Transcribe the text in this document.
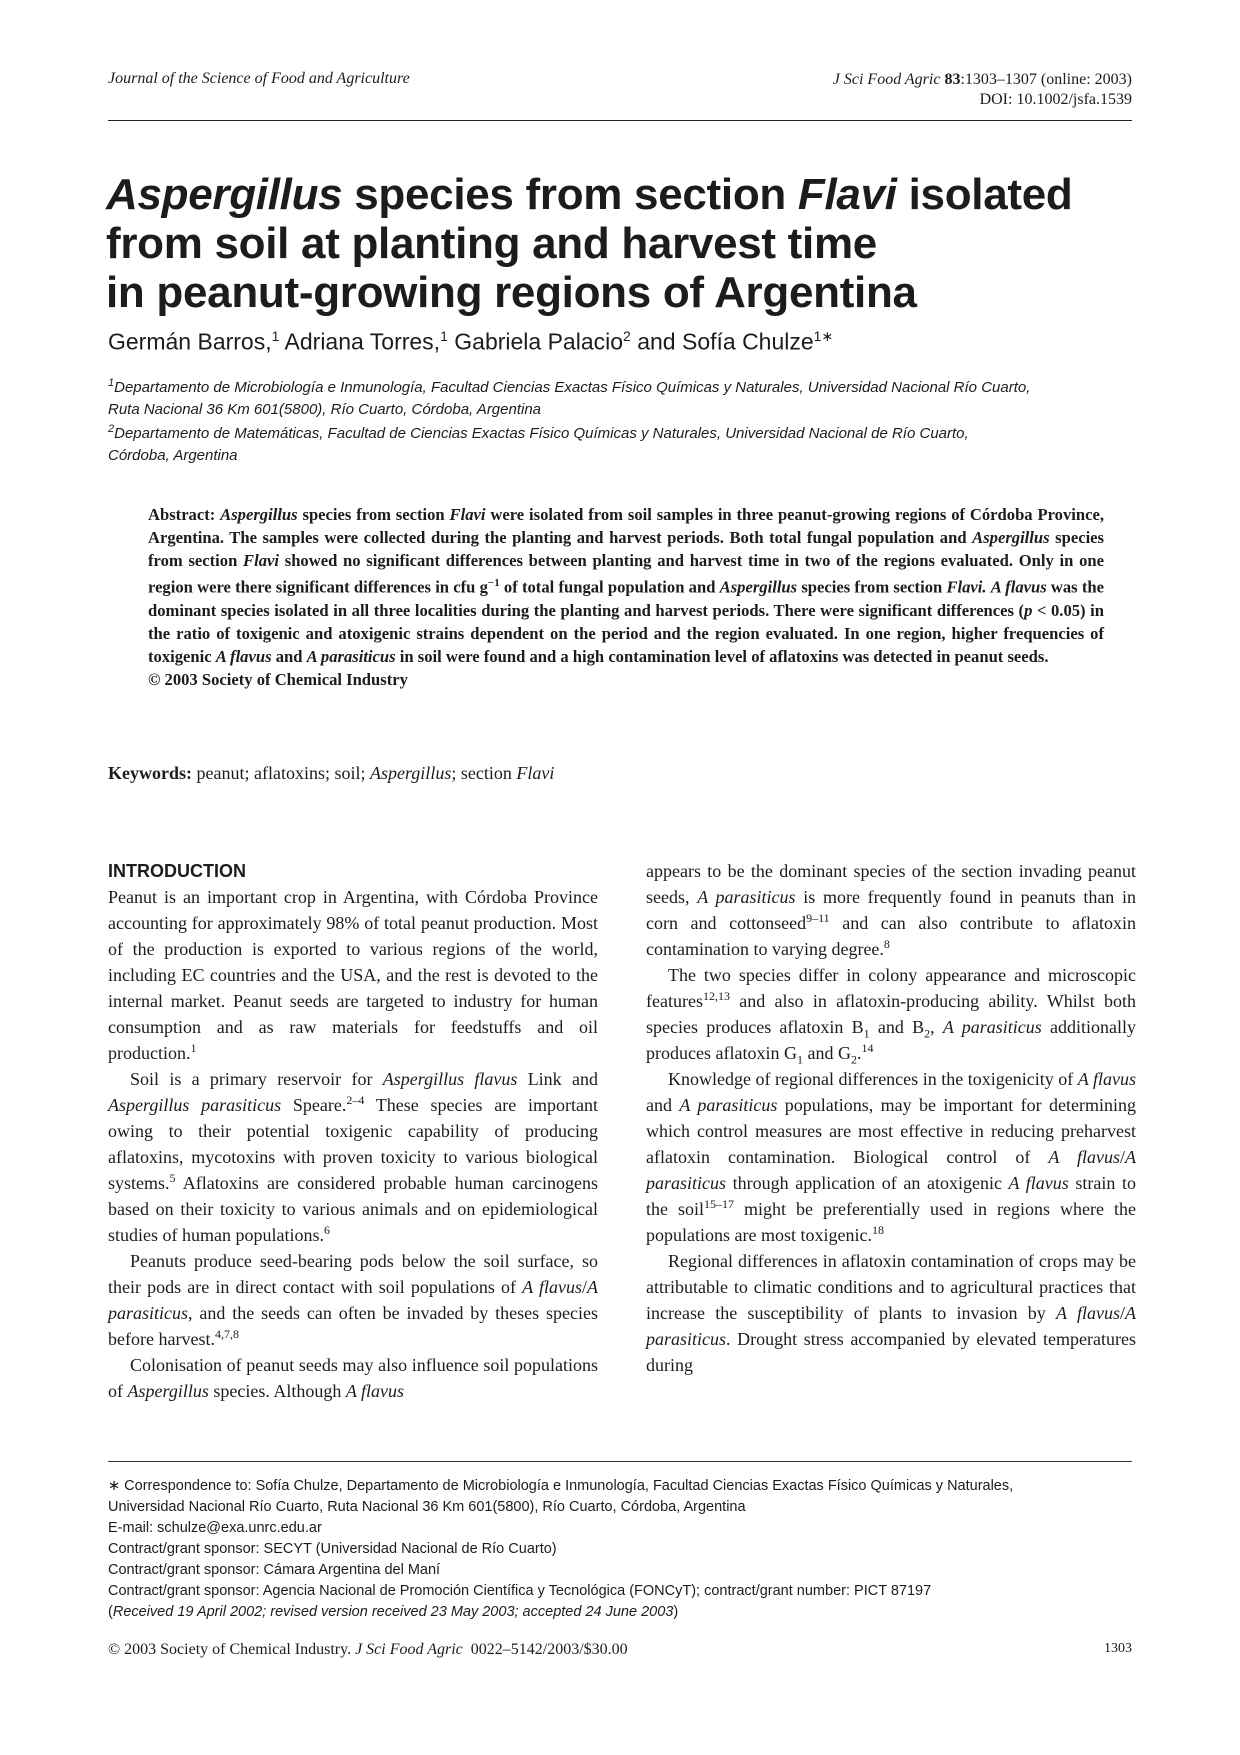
Journal of the Science of Food and Agriculture	J Sci Food Agric 83:1303–1307 (online: 2003)
DOI: 10.1002/jsfa.1539
Aspergillus species from section Flavi isolated
from soil at planting and harvest time
in peanut-growing regions of Argentina
Germán Barros,$^1$ Adriana Torres,$^1$ Gabriela Palacio$^2$ and Sofía Chulze$^{1∗}$
$^1$Departamento de Microbiología e Inmunología, Facultad Ciencias Exactas Físico Químicas y Naturales, Universidad Nacional Río Cuarto,
Ruta Nacional 36 Km 601(5800), Río Cuarto, Córdoba, Argentina
$^2$Departamento de Matemáticas, Facultad de Ciencias Exactas Físico Químicas y Naturales, Universidad Nacional de Río Cuarto,
Córdoba, Argentina
Abstract: Aspergillus species from section Flavi were isolated from soil samples in three peanut-growing regions of Córdoba Province, Argentina. The samples were collected during the planting and harvest periods. Both total fungal population and Aspergillus species from section Flavi showed no significant differences between planting and harvest time in two of the regions evaluated. Only in one region were there significant differences in cfu $g^{-1}$ of total fungal population and Aspergillus species from section Flavi. A flavus was the dominant species isolated in all three localities during the planting and harvest periods. There were significant differences (p < 0.05) in the ratio of toxigenic and atoxigenic strains dependent on the period and the region evaluated. In one region, higher frequencies of toxigenic A flavus and A parasiticus in soil were found and a high contamination level of aflatoxins was detected in peanut seeds.
© 2003 Society of Chemical Industry
Keywords: peanut; aflatoxins; soil; Aspergillus; section Flavi
INTRODUCTION

Peanut is an important crop in Argentina, with Córdoba Province accounting for approximately 98% of total peanut production. Most of the production is exported to various regions of the world, including EC countries and the USA, and the rest is devoted to the internal market. Peanut seeds are targeted to industry for human consumption and as raw materials for feedstuffs and oil production.$^1$

Soil is a primary reservoir for Aspergillus flavus Link and Aspergillus parasiticus Speare.$^{2-4}$ These species are important owing to their potential toxigenic capability of producing aflatoxins, mycotoxins with proven toxicity to various biological systems.$^5$ Aflatoxins are considered probable human carcinogens based on their toxicity to various animals and on epidemiological studies of human populations.$^6$

Peanuts produce seed-bearing pods below the soil surface, so their pods are in direct contact with soil populations of A flavus/A parasiticus, and the seeds can often be invaded by theses species before harvest.$^{4,7,8}$

Colonisation of peanut seeds may also influence soil populations of Aspergillus species. Although A flavus

appears to be the dominant species of the section invading peanut seeds, A parasiticus is more frequently found in peanuts than in corn and cottonseed$^{9-11}$ and can also contribute to aflatoxin contamination to varying degree.$^8$

The two species differ in colony appearance and microscopic features$^{12,13}$ and also in aflatoxin-producing ability. Whilst both species produces aflatoxin $B_1$ and $B_2$, A parasiticus additionally produces aflatoxin $G_1$ and $G_2.^{14}$

Knowledge of regional differences in the toxigenicity of A flavus and A parasiticus populations, may be important for determining which control measures are most effective in reducing preharvest aflatoxin contamination. Biological control of A flavus/A parasiticus through application of an atoxigenic A flavus strain to the soil$^{15-17}$ might be preferentially used in regions where the populations are most toxigenic.$^{18}$

Regional differences in aflatoxin contamination of crops may be attributable to climatic conditions and to agricultural practices that increase the susceptibility of plants to invasion by A flavus/A parasiticus. Drought stress accompanied by elevated temperatures during

∗ Correspondence to: Sofía Chulze, Departamento de Microbiología e Inmunología, Facultad Ciencias Exactas Físico Químicas y Naturales,
Universidad Nacional Río Cuarto, Ruta Nacional 36 Km 601(5800), Río Cuarto, Córdoba, Argentina
E-mail: schulze@exa.unrc.edu.ar
Contract/grant sponsor: SECYT (Universidad Nacional de Río Cuarto)
Contract/grant sponsor: Cámara Argentina del Maní
Contract/grant sponsor: Agencia Nacional de Promoción Científica y Tecnológica (FONCyT); contract/grant number: PICT 87197
(Received 19 April 2002; revised version received 23 May 2003; accepted 24 June 2003)
© 2003 Society of Chemical Industry. J Sci Food Agric  0022–5142/2003/$30.00	1303
